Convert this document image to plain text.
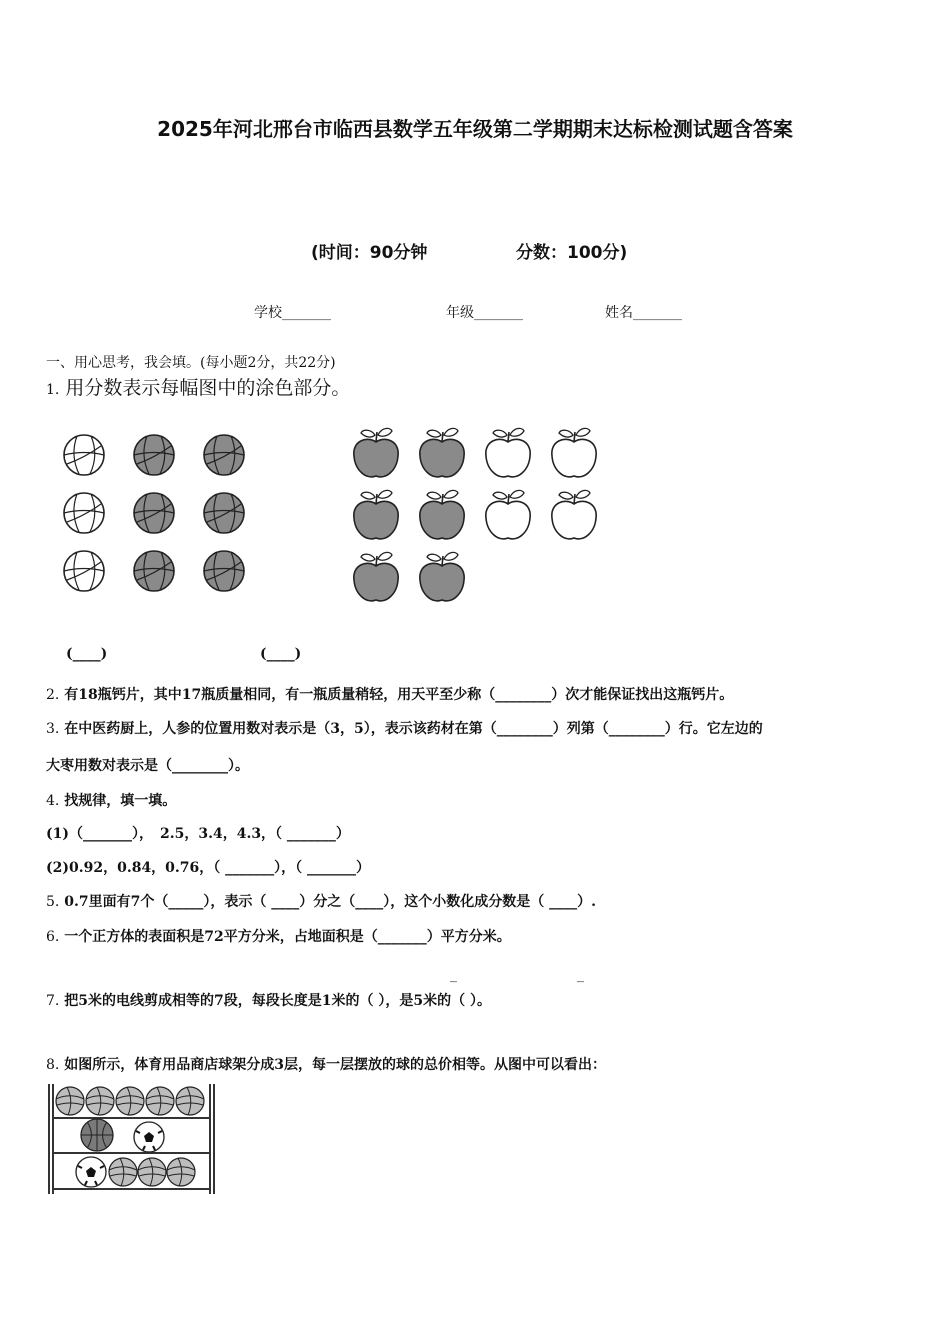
2025年河北邢台市临西县数学五年级第二学期期末达标检测试题含答案
(时间：90分钟	分数：100分)
学校_______	年级_______	姓名_______
一、用心思考，我会填。(每小题2分，共22分)
1. 用分数表示每幅图中的涂色部分。
(____)	(____)
2. 有18瓶钙片，其中17瓶质量相同，有一瓶质量稍轻，用天平至少称（________）次才能保证找出这瓶钙片。
3. 在中医药厨上，人参的位置用数对表示是（3，5），表示该药材在第（________）列第（________）行。它左边的
大枣用数对表示是（________）。
4. 找规律，填一填。
(1)（_______），　2.5，3.4，4.3，（ _______）
(2)0.92，0.84，0.76，（ _______），（ _______）
5. 0.7里面有7个（_____），表示（ ____）分之（____），这个小数化成分数是（ ____）.
6. 一个正方体的表面积是72平方分米，占地面积是（_______）平方分米。
_	_
7. 把5米的电线剪成相等的7段，每段长度是1米的（ ），是5米的（ ）。
8. 如图所示，体育用品商店球架分成3层，每一层摆放的球的总价相等。从图中可以看出：
